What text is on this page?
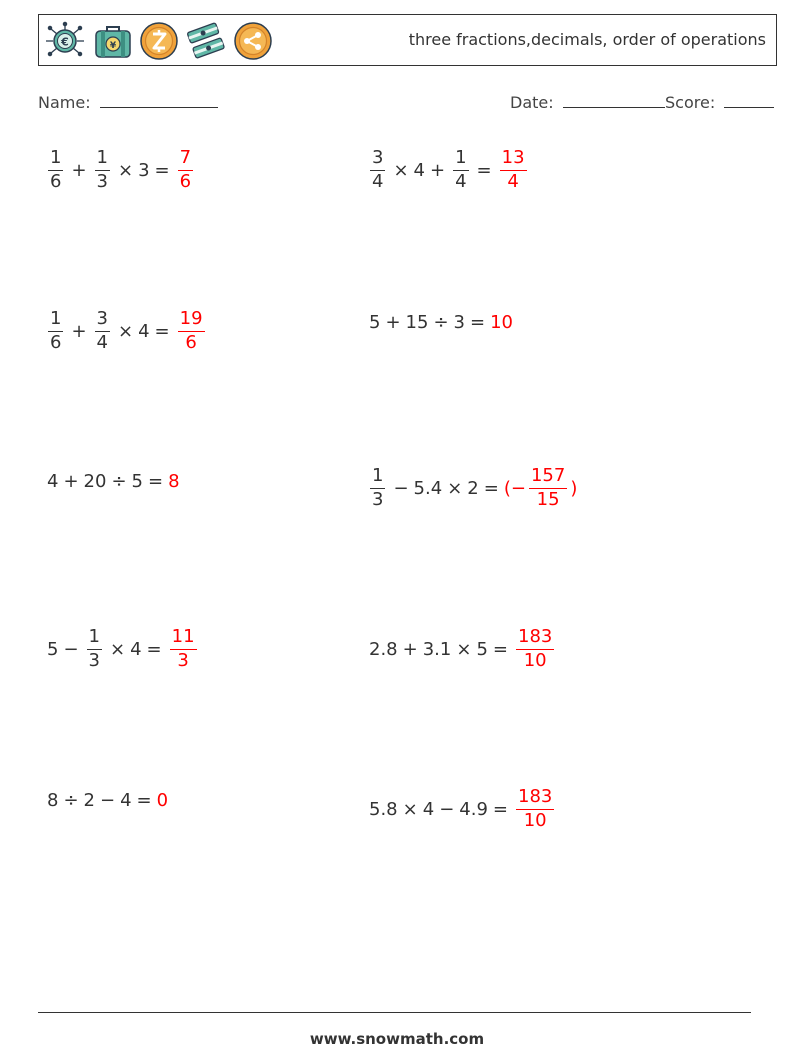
€	¥	three fractions,decimals, order of operations
Name:	Date:	Score:
$\frac{1}{6} + \frac{1}{3} \times 3 = \frac{7}{6}$	$\frac{3}{4} \times 4 + \frac{1}{4} = \frac{13}{4}$
$\frac{1}{6} + \frac{3}{4} \times 4 = \frac{19}{6}$	5 + 15 ÷ 3 = 10
4 + 20 ÷ 5 = 8	$\frac{1}{3} - 5.4 \times 2$ = ( − $\frac{157}{15}$ )
$5 - \frac{1}{3} \times 4 = \frac{11}{3}$	$2.8 + 3.1 \times 5 = \frac{183}{10}$
8 ÷ 2 − 4 = 0	$5.8 \times 4 - 4.9 = \frac{183}{10}$
www.snowmath.com
